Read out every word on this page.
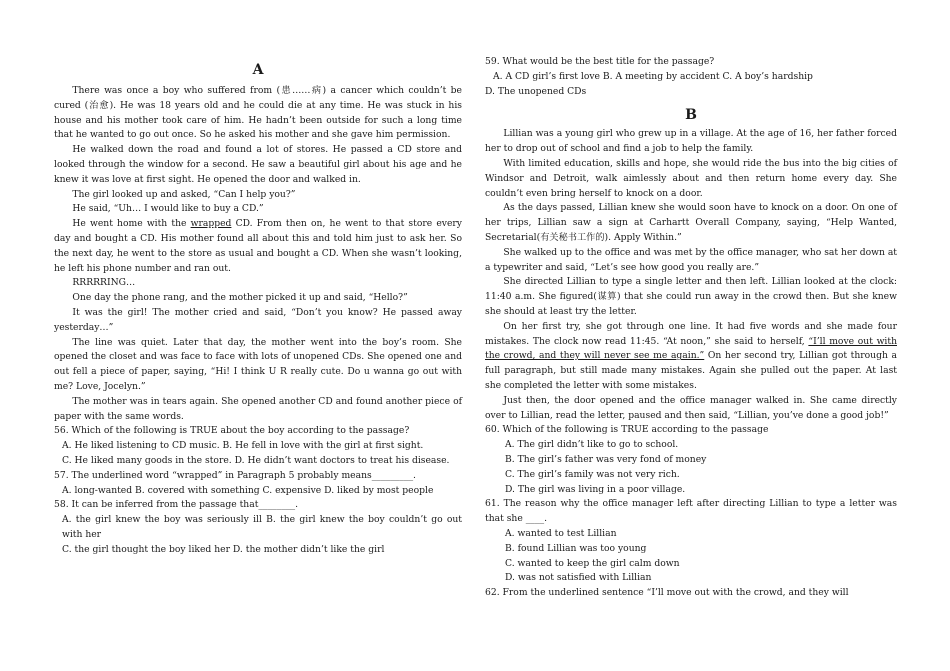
A

There was once a boy who suffered from (患……病) a cancer which couldn’t be cured (治愈). He was 18 years old and he could die at any time. He was stuck in his house and his mother took care of him. He hadn’t been outside for such a long time that he wanted to go out once. So he asked his mother and she gave him permission.

He walked down the road and found a lot of stores. He passed a CD store and looked through the window for a second. He saw a beautiful girl about his age and he knew it was love at first sight. He opened the door and walked in.

The girl looked up and asked, “Can I help you?”

He said, “Uh… I would like to buy a CD.”

He went home with the wrapped CD. From then on, he went to that store every day and bought a CD. His mother found all about this and told him just to ask her. So the next day, he went to the store as usual and bought a CD. When she wasn’t looking, he left his phone number and ran out.

RRRRRING…

One day the phone rang, and the mother picked it up and said, “Hello?”

It was the girl! The mother cried and said, “Don’t you know? He passed away yesterday…”

The line was quiet. Later that day, the mother went into the boy’s room. She opened the closet and was face to face with lots of unopened CDs. She opened one and out fell a piece of paper, saying, “Hi! I think U R really cute. Do u wanna go out with me? Love, Jocelyn.”

The mother was in tears again. She opened another CD and found another piece of paper with the same words.

56. Which of the following is TRUE about the boy according to the passage?

A. He liked listening to CD music. B. He fell in love with the girl at first sight.

C. He liked many goods in the store. D. He didn’t want doctors to treat his disease.

57. The underlined word “wrapped” in Paragraph 5 probably means_________.

A. long-wanted B. covered with something C. expensive D. liked by most people

58. It can be inferred from the passage that________.

A. the girl knew the boy was seriously ill B. the girl knew the boy couldn’t go out with her

C. the girl thought the boy liked her D. the mother didn’t like the girl

59. What would be the best title for the passage?

A. A CD girl’s first love B. A meeting by accident C. A boy’s hardship

D. The unopened CDs

B

Lillian was a young girl who grew up in a village. At the age of 16, her father forced her to drop out of school and find a job to help the family.

With limited education, skills and hope, she would ride the bus into the big cities of Windsor and Detroit, walk aimlessly about and then return home every day. She couldn’t even bring herself to knock on a door.

As the days passed, Lillian knew she would soon have to knock on a door. On one of her trips, Lillian saw a sign at Carhartt Overall Company, saying, “Help Wanted, Secretarial(有关秘书工作的). Apply Within.”

She walked up to the office and was met by the office manager, who sat her down at a typewriter and said, “Let’s see how good you really are.”

She directed Lillian to type a single letter and then left. Lillian looked at the clock: 11:40 a.m. She figured(谋算) that she could run away in the crowd then. But she knew she should at least try the letter.

On her first try, she got through one line. It had five words and she made four mistakes. The clock now read 11:45. “At noon,” she said to herself, “I’ll move out with the crowd, and they will never see me again.” On her second try, Lillian got through a full paragraph, but still made many mistakes. Again she pulled out the paper. At last she completed the letter with some mistakes.

Just then, the door opened and the office manager walked in. She came directly over to Lillian, read the letter, paused and then said, “Lillian, you’ve done a good job!”

60. Which of the following is TRUE according to the passage

A. The girl didn’t like to go to school.

B. The girl’s father was very fond of money

C. The girl’s family was not very rich.

D. The girl was living in a poor village.

61. The reason why the office manager left after directing Lillian to type a letter was that she ____.

A. wanted to test Lillian

B. found Lillian was too young

C. wanted to keep the girl calm down

D. was not satisfied with Lillian

62. From the underlined sentence “I’ll move out with the crowd, and they will
